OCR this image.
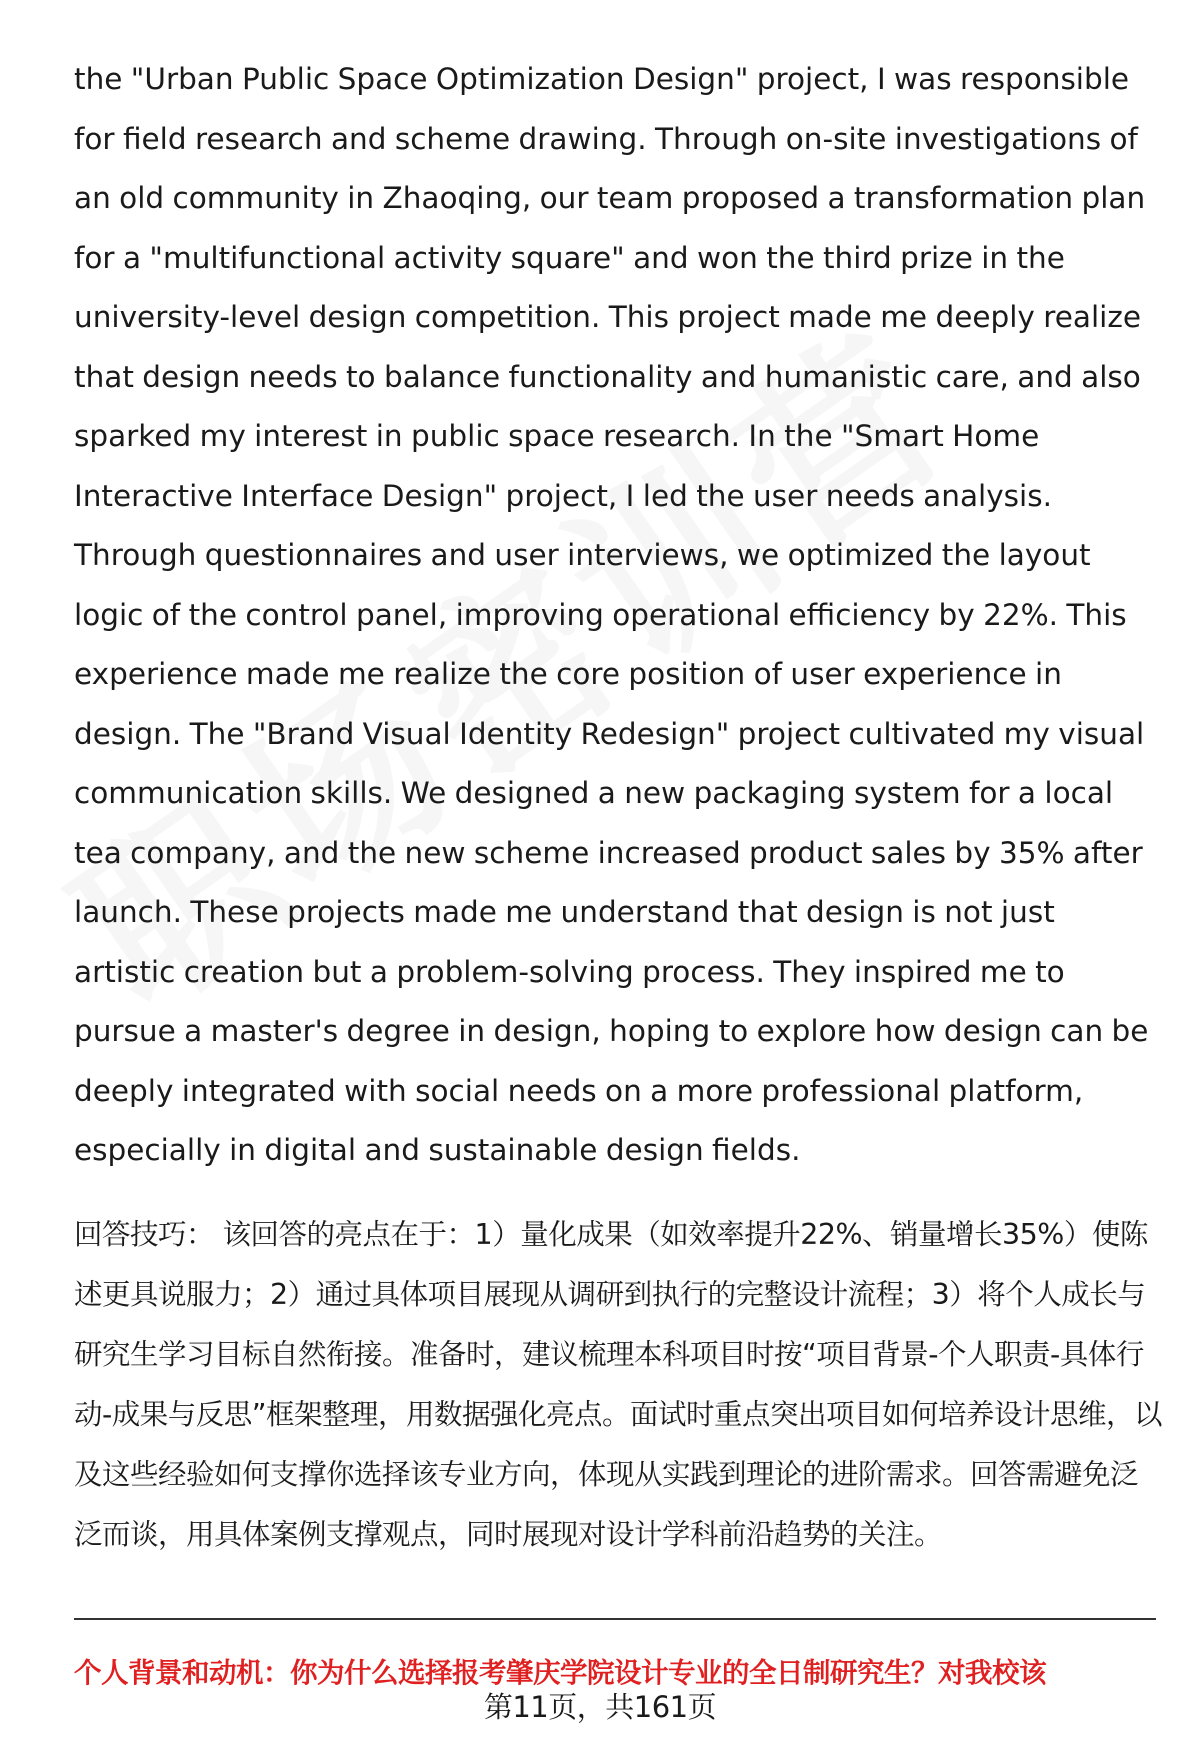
the "Urban Public Space Optimization Design" project, I was responsible for field research and scheme drawing. Through on-site investigations of an old community in Zhaoqing, our team proposed a transformation plan for a "multifunctional activity square" and won the third prize in the university-level design competition. This project made me deeply realize that design needs to balance functionality and humanistic care, and also sparked my interest in public space research. In the "Smart Home Interactive Interface Design" project, I led the user needs analysis. Through questionnaires and user interviews, we optimized the layout logic of the control panel, improving operational efficiency by 22%. This experience made me realize the core position of user experience in design. The "Brand Visual Identity Redesign" project cultivated my visual communication skills. We designed a new packaging system for a local tea company, and the new scheme increased product sales by 35% after launch. These projects made me understand that design is not just artistic creation but a problem-solving process. They inspired me to pursue a master's degree in design, hoping to explore how design can be deeply integrated with social needs on a more professional platform, especially in digital and sustainable design fields.

回答技巧： 该回答的亮点在于：1）量化成果（如效率提升22%、销量增长35%）使陈述更具说服力；2）通过具体项目展现从调研到执行的完整设计流程；3）将个人成长与研究生学习目标自然衔接。准备时，建议梳理本科项目时按“项目背景-个人职责-具体行动-成果与反思”框架整理，用数据强化亮点。面试时重点突出项目如何培养设计思维，以及这些经验如何支撑你选择该专业方向，体现从实践到理论的进阶需求。回答需避免泛泛而谈，用具体案例支撑观点，同时展现对设计学科前沿趋势的关注。

个人背景和动机：你为什么选择报考肇庆学院设计专业的全日制研究生？对我校该
第11页，共161页
